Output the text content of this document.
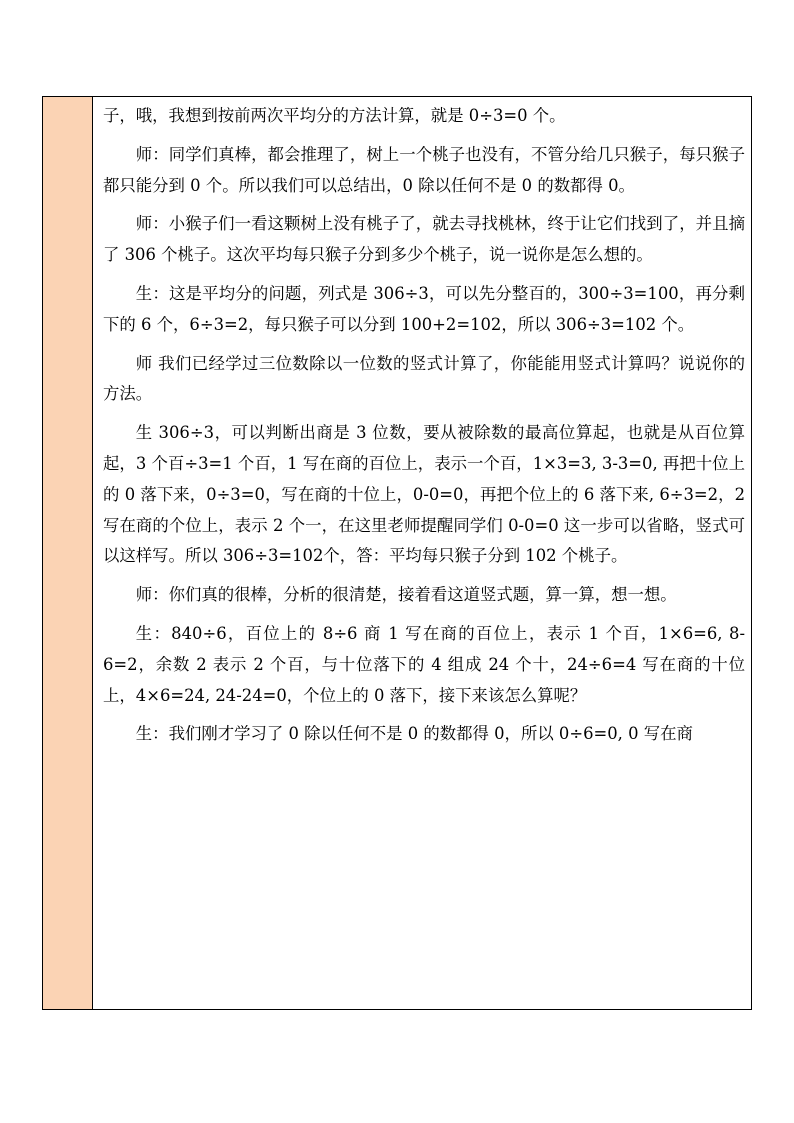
子，哦，我想到按前两次平均分的方法计算，就是 0÷3=0 个。

师：同学们真棒，都会推理了，树上一个桃子也没有，不管分给几只猴子，每只猴子都只能分到 0 个。所以我们可以总结出，0 除以任何不是 0 的数都得 0。

师：小猴子们一看这颗树上没有桃子了，就去寻找桃林，终于让它们找到了，并且摘了 306 个桃子。这次平均每只猴子分到多少个桃子，说一说你是怎么想的。

生：这是平均分的问题，列式是 306÷3，可以先分整百的，300÷3=100，再分剩下的 6 个，6÷3=2，每只猴子可以分到 100+2=102，所以 306÷3=102 个。

师 我们已经学过三位数除以一位数的竖式计算了，你能能用竖式计算吗？说说你的方法。

生 306÷3，可以判断出商是 3 位数，要从被除数的最高位算起，也就是从百位算起，3 个百÷3=1 个百，1 写在商的百位上，表示一个百，1×3=3, 3-3=0, 再把十位上的 0 落下来，0÷3=0，写在商的十位上，0-0=0，再把个位上的 6 落下来, 6÷3=2，2 写在商的个位上，表示 2 个一，在这里老师提醒同学们 0-0=0 这一步可以省略，竖式可以这样写。所以 306÷3=102个，答：平均每只猴子分到 102 个桃子。

师：你们真的很棒，分析的很清楚，接着看这道竖式题，算一算，想一想。

生：840÷6，百位上的 8÷6 商 1 写在商的百位上，表示 1 个百，1×6=6, 8-6=2，余数 2 表示 2 个百，与十位落下的 4 组成 24 个十，24÷6=4 写在商的十位上，4×6=24, 24-24=0，个位上的 0 落下，接下来该怎么算呢？

生：我们刚才学习了 0 除以任何不是 0 的数都得 0，所以 0÷6=0, 0 写在商
